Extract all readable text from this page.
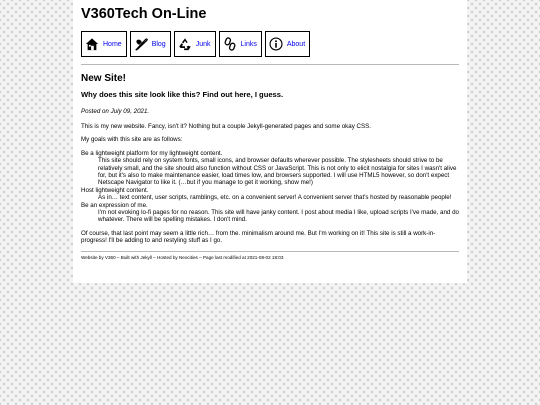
V360Tech On-Line
Home	Blog	Junk	Links	About
New Site!
Why does this site look like this? Find out here, I guess.

Posted on July 09, 2021.

This is my new website. Fancy, isn't it? Nothing but a couple Jekyll-generated pages and some okay CSS.

My goals with this site are as follows:

Be a lightweight platform for my lightweight content.
This site should rely on system fonts, small icons, and browser defaults wherever possible. The stylesheets should strive to be relatively small, and the site should also function without CSS or JavaScript. This is not only to elicit nostalgia for sites I wasn't alive for, but it's also to make maintenance easier, load times low, and browsers supported. I will use HTML5 however, so don't expect Netscape Navigator to like it. (…but if you manage to get it working, show me!)
Host lightweight content.
As in… text content, user scripts, ramblings, etc. on a convenient server! A convenient server that's hosted by reasonable people!
Be an expression of me.
I'm not evoking lo-fi pages for no reason. This site will have janky content. I post about media I like, upload scripts I've made, and do whatever. There will be spelling mistakes. I don't mind.

Of course, that last point may seem a little rich… from the. minimalism around me. But I'm working on it! This site is still a work-in-progress! I'll be adding to and restyling stuff as I go.

Website by V360 – Built with Jekyll – Hosted by Neocities – Page last modified at 2021-08-02 18:03
